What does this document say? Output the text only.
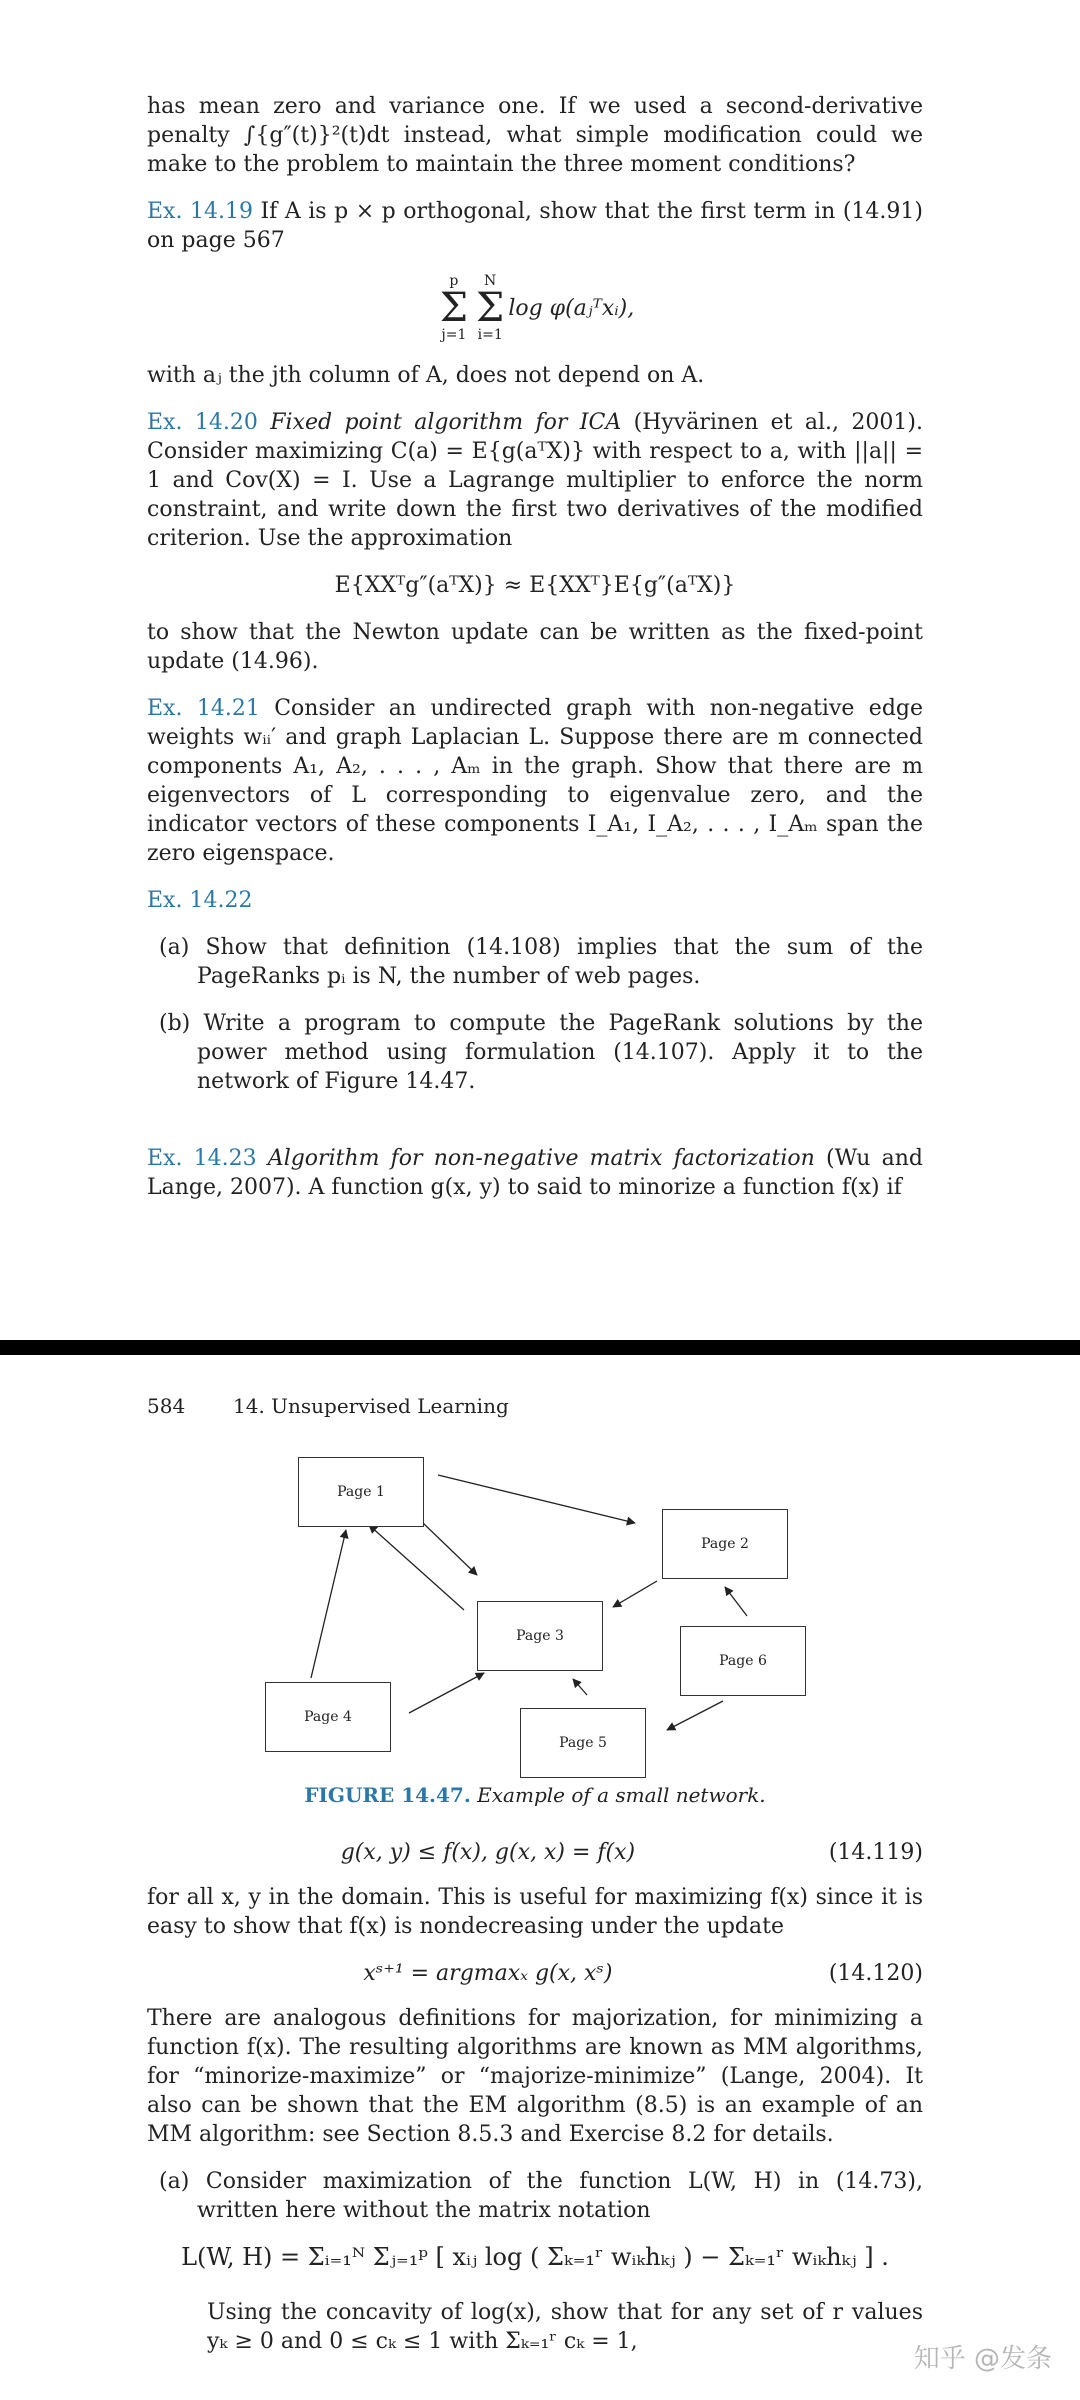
has mean zero and variance one. If we used a second-derivative penalty ∫{g″(t)}²(t)dt instead, what simple modification could we make to the problem to maintain the three moment conditions?

Ex. 14.19 If A is p × p orthogonal, show that the first term in (14.91) on page 567

p
Σ
j=1
N
Σ
i=1
log φ(aⱼᵀxᵢ),

with aⱼ the jth column of A, does not depend on A.

Ex. 14.20 Fixed point algorithm for ICA (Hyvärinen et al., 2001). Consider maximizing C(a) = E{g(aᵀX)} with respect to a, with ||a|| = 1 and Cov(X) = I. Use a Lagrange multiplier to enforce the norm constraint, and write down the first two derivatives of the modified criterion. Use the approximation

E{XXᵀg″(aᵀX)} ≈ E{XXᵀ}E{g″(aᵀX)}

to show that the Newton update can be written as the fixed-point update (14.96).

Ex. 14.21 Consider an undirected graph with non-negative edge weights wᵢᵢ′ and graph Laplacian L. Suppose there are m connected components A₁, A₂, . . . , Aₘ in the graph. Show that there are m eigenvectors of L corresponding to eigenvalue zero, and the indicator vectors of these components I_A₁, I_A₂, . . . , I_Aₘ span the zero eigenspace.

Ex. 14.22

(a) Show that definition (14.108) implies that the sum of the PageRanks pᵢ is N, the number of web pages.
(b) Write a program to compute the PageRank solutions by the power method using formulation (14.107). Apply it to the network of Figure 14.47.

Ex. 14.23 Algorithm for non-negative matrix factorization (Wu and Lange, 2007). A function g(x, y) to said to minorize a function f(x) if

584	14. Unsupervised Learning
Page 1
Page 2
Page 3
Page 6
Page 4
Page 5
FIGURE 14.47. Example of a small network.
g(x, y) ≤ f(x), g(x, x) = f(x)	(14.119)

for all x, y in the domain. This is useful for maximizing f(x) since it is easy to show that f(x) is nondecreasing under the update

xˢ⁺¹ = argmaxₓ g(x, xˢ)	(14.120)

There are analogous definitions for majorization, for minimizing a function f(x). The resulting algorithms are known as MM algorithms, for “minorize-maximize” or “majorize-minimize” (Lange, 2004). It also can be shown that the EM algorithm (8.5) is an example of an MM algorithm: see Section 8.5.3 and Exercise 8.2 for details.

(a) Consider maximization of the function L(W, H) in (14.73), written here without the matrix notation
L(W, H) = Σᵢ₌₁ᴺ Σⱼ₌₁ᵖ [ xᵢⱼ log ( Σₖ₌₁ʳ wᵢₖhₖⱼ ) − Σₖ₌₁ʳ wᵢₖhₖⱼ ] .

Using the concavity of log(x), show that for any set of r values yₖ ≥ 0 and 0 ≤ cₖ ≤ 1 with Σₖ₌₁ʳ cₖ = 1,

知乎 @发条
